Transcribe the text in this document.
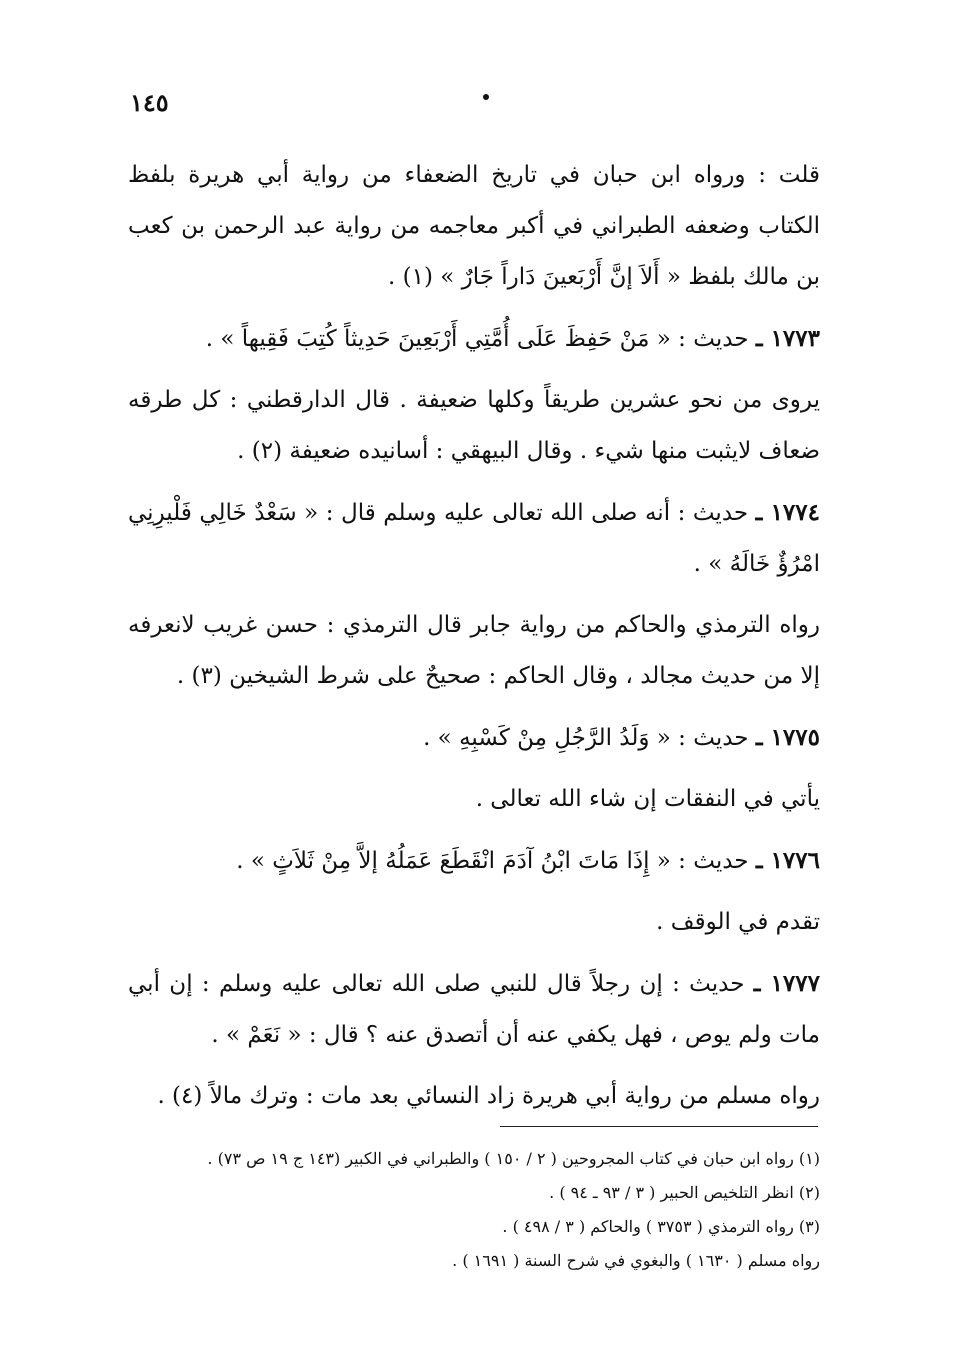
١٤٥

قلت : ورواه ابن حبان في تاريخ الضعفاء من رواية أبي هريرة بلفظ الكتاب وضعفه الطبراني في أكبر معاجمه من رواية عبد الرحمن بن كعب بن مالك بلفظ « أَلاَ إنَّ أَرْبَعينَ دَاراً جَارٌ » (١) .

١٧٧٣ ـ حديث : « مَنْ حَفِظَ عَلَى أُمَّتِي أَرْبَعِينَ حَدِيثاً كُتِبَ فَقِيهاً » .

يروى من نحو عشرين طريقاً وكلها ضعيفة . قال الدارقطني : كل طرقه ضعاف لايثبت منها شيء . وقال البيهقي : أسانيده ضعيفة (٢) .

١٧٧٤ ـ حديث : أنه صلى الله تعالى عليه وسلم قال : « سَعْدٌ خَالِي فَلْيرِنِي امْرُؤٌ خَالَهُ » .

رواه الترمذي والحاكم من رواية جابر قال الترمذي : حسن غريب لانعرفه إلا من حديث مجالد ، وقال الحاكم : صحيحٌ على شرط الشيخين (٣) .

١٧٧٥ ـ حديث : « وَلَدُ الرَّجُلِ مِنْ كَسْبِهِ » .

يأتي في النفقات إن شاء الله تعالى .

١٧٧٦ ـ حديث : « إِذَا مَاتَ ابْنُ آدَمَ انْقَطَعَ عَمَلُهُ إلاَّ مِنْ ثَلاَثٍ » .

تقدم في الوقف .

١٧٧٧ ـ حديث : إن رجلاً قال للنبي صلى الله تعالى عليه وسلم : إن أبي مات ولم يوص ، فهل يكفي عنه أن أتصدق عنه ؟ قال : « نَعَمْ » .

رواه مسلم من رواية أبي هريرة زاد النسائي بعد مات : وترك مالاً (٤) .

(١) رواه ابن حبان في كتاب المجروحين ( ٢ / ١٥٠ ) والطبراني في الكبير (١٤٣ ج ١٩ ص ٧٣) .

(٢) انظر التلخيص الحبير ( ٣ / ٩٣ ـ ٩٤ ) .

(٣) رواه الترمذي ( ٣٧٥٣ ) والحاكم ( ٣ / ٤٩٨ ) .

رواه مسلم ( ١٦٣٠ ) والبغوي في شرح السنة ( ١٦٩١ ) .
